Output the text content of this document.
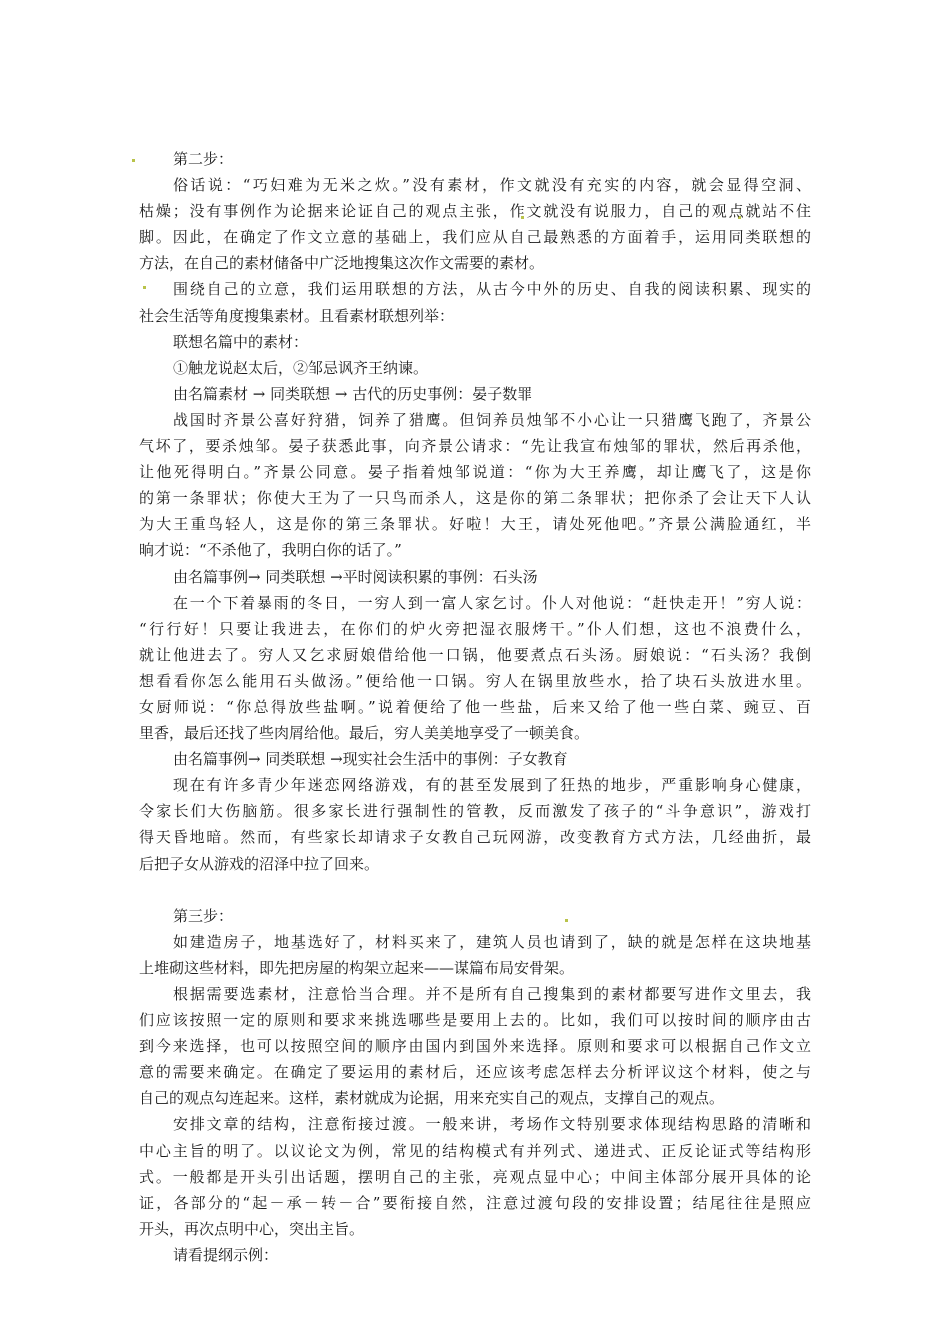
第二步：
俗话说：“巧妇难为无米之炊。”没有素材，作文就没有充实的内容，就会显得空洞、
枯燥；没有事例作为论据来论证自己的观点主张，作文就没有说服力，自己的观点就站不住
脚。因此，在确定了作文立意的基础上，我们应从自己最熟悉的方面着手，运用同类联想的
方法，在自己的素材储备中广泛地搜集这次作文需要的素材。
围绕自己的立意，我们运用联想的方法，从古今中外的历史、自我的阅读积累、现实的
社会生活等角度搜集素材。且看素材联想列举：
联想名篇中的素材：
①触龙说赵太后，②邹忌讽齐王纳谏。
由名篇素材 → 同类联想 → 古代的历史事例：晏子数罪
战国时齐景公喜好狩猎，饲养了猎鹰。但饲养员烛邹不小心让一只猎鹰飞跑了，齐景公
气坏了，要杀烛邹。晏子获悉此事，向齐景公请求：“先让我宣布烛邹的罪状，然后再杀他，
让他死得明白。”齐景公同意。晏子指着烛邹说道：“你为大王养鹰，却让鹰飞了，这是你
的第一条罪状；你使大王为了一只鸟而杀人，这是你的第二条罪状；把你杀了会让天下人认
为大王重鸟轻人，这是你的第三条罪状。好啦！大王，请处死他吧。”齐景公满脸通红，半
晌才说：“不杀他了，我明白你的话了。”
由名篇事例→ 同类联想 →平时阅读积累的事例：石头汤
在一个下着暴雨的冬日，一穷人到一富人家乞讨。仆人对他说：“赶快走开！”穷人说：
“行行好！只要让我进去，在你们的炉火旁把湿衣服烤干。”仆人们想，这也不浪费什么，
就让他进去了。穷人又乞求厨娘借给他一口锅，他要煮点石头汤。厨娘说：“石头汤？我倒
想看看你怎么能用石头做汤。”便给他一口锅。穷人在锅里放些水，拾了块石头放进水里。
女厨师说：“你总得放些盐啊。”说着便给了他一些盐，后来又给了他一些白菜、豌豆、百
里香，最后还找了些肉屑给他。最后，穷人美美地享受了一顿美食。
由名篇事例→ 同类联想 →现实社会生活中的事例：子女教育
现在有许多青少年迷恋网络游戏，有的甚至发展到了狂热的地步，严重影响身心健康，
令家长们大伤脑筋。很多家长进行强制性的管教，反而激发了孩子的“斗争意识”，游戏打
得天昏地暗。然而，有些家长却请求子女教自己玩网游，改变教育方式方法，几经曲折，最
后把子女从游戏的沼泽中拉了回来。
第三步：
如建造房子，地基选好了，材料买来了，建筑人员也请到了，缺的就是怎样在这块地基
上堆砌这些材料，即先把房屋的构架立起来——谋篇布局安骨架。
根据需要选素材，注意恰当合理。并不是所有自己搜集到的素材都要写进作文里去，我
们应该按照一定的原则和要求来挑选哪些是要用上去的。比如，我们可以按时间的顺序由古
到今来选择，也可以按照空间的顺序由国内到国外来选择。原则和要求可以根据自己作文立
意的需要来确定。在确定了要运用的素材后，还应该考虑怎样去分析评议这个材料，使之与
自己的观点勾连起来。这样，素材就成为论据，用来充实自己的观点，支撑自己的观点。
安排文章的结构，注意衔接过渡。一般来讲，考场作文特别要求体现结构思路的清晰和
中心主旨的明了。以议论文为例，常见的结构模式有并列式、递进式、正反论证式等结构形
式。一般都是开头引出话题，摆明自己的主张，亮观点显中心；中间主体部分展开具体的论
证，各部分的“起－承－转－合”要衔接自然，注意过渡句段的安排设置；结尾往往是照应
开头，再次点明中心，突出主旨。
请看提纲示例：
